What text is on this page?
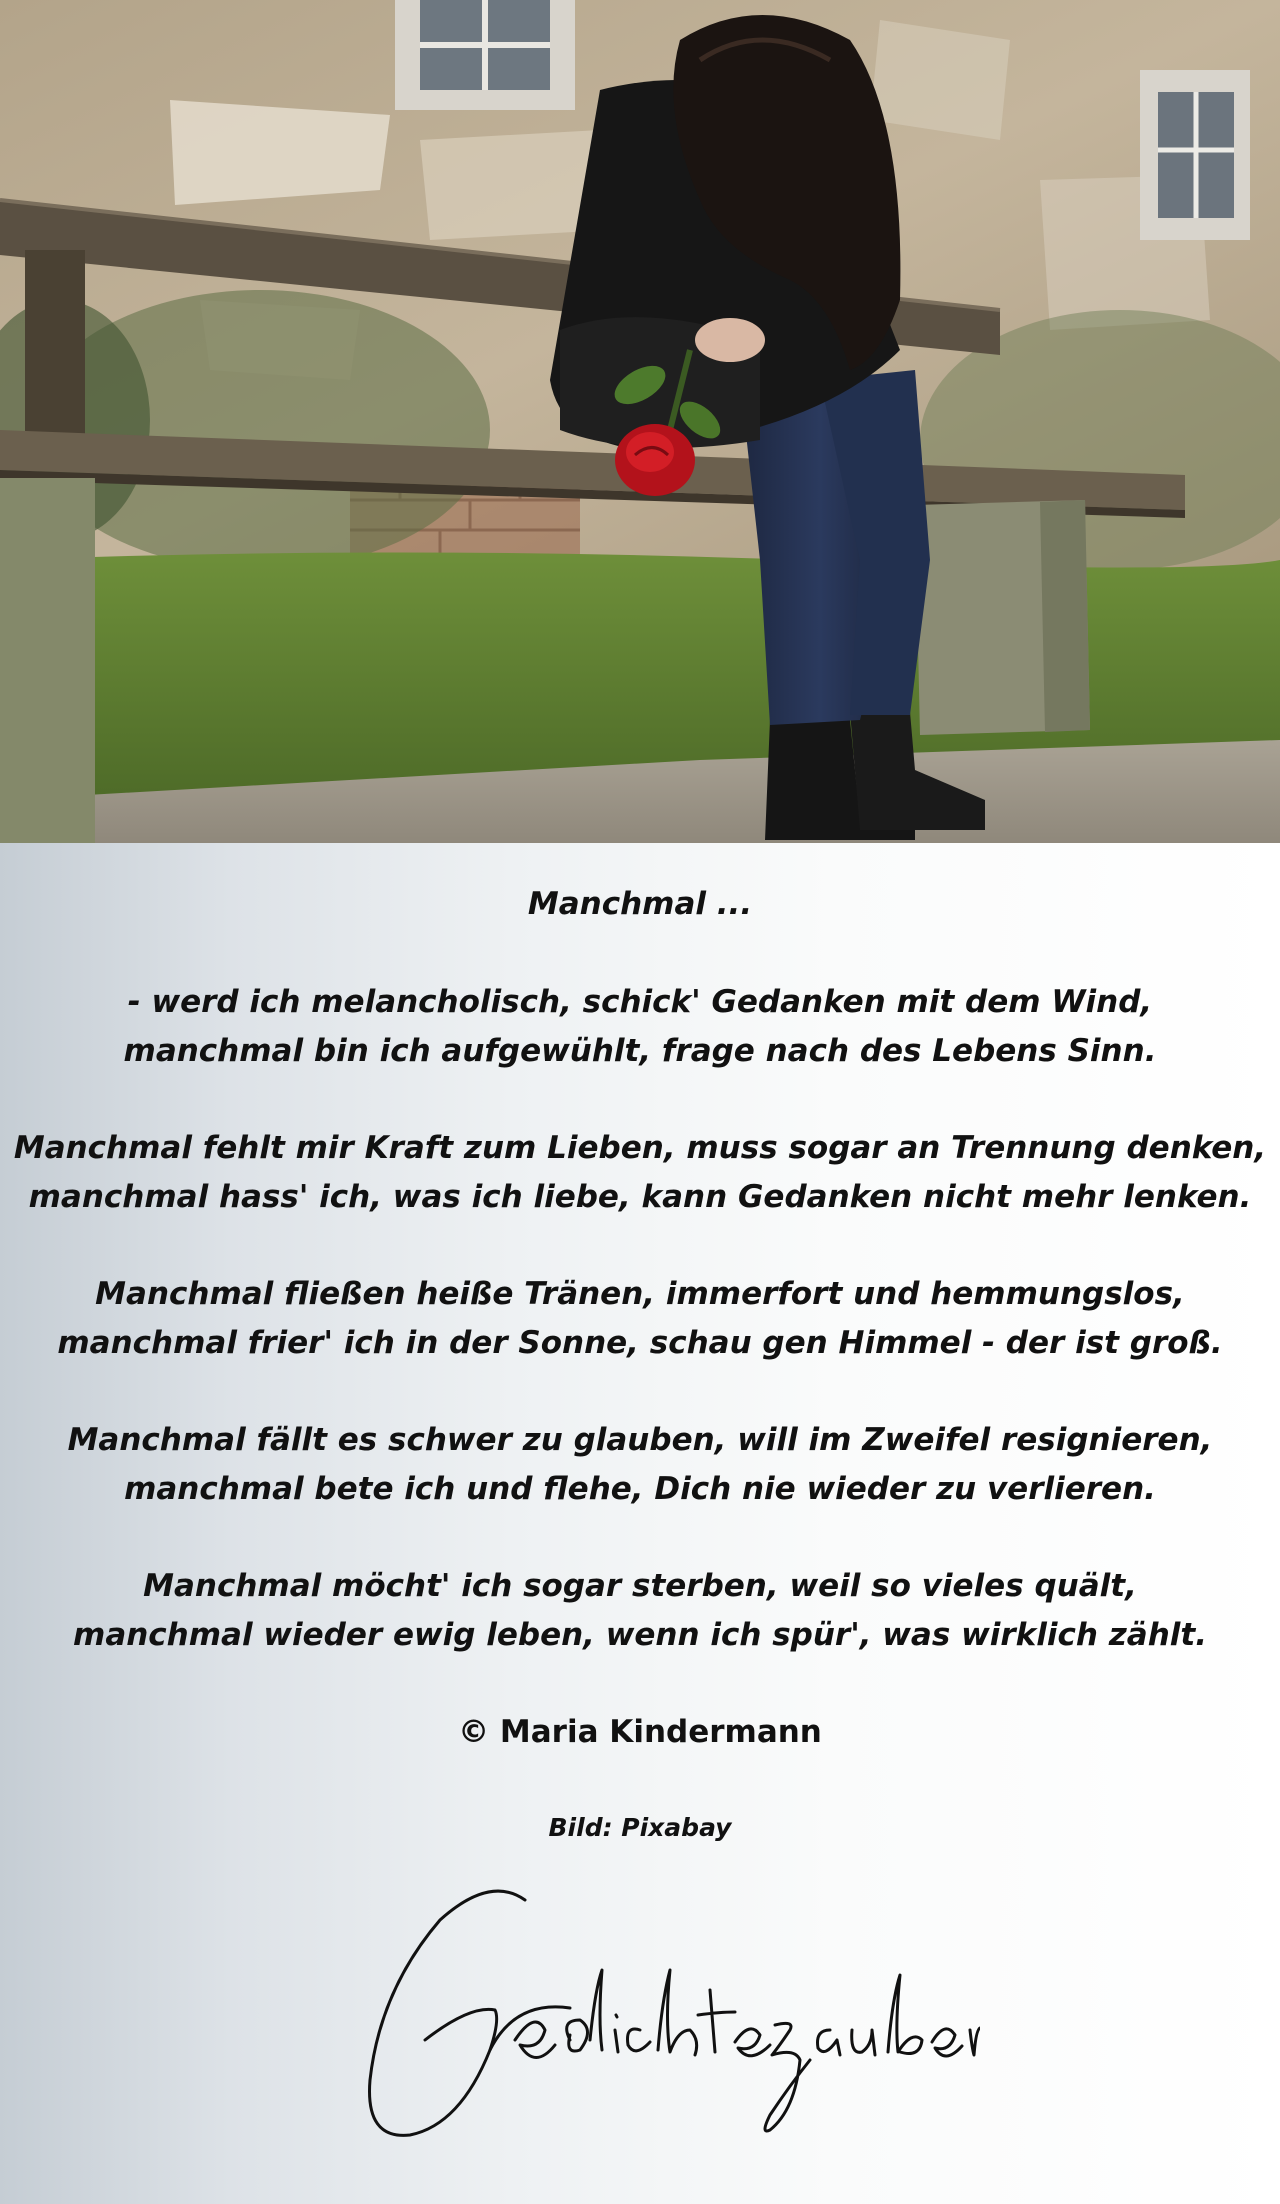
Manchmal ...
- werd ich melancholisch, schick' Gedanken mit dem Wind,
manchmal bin ich aufgewühlt, frage nach des Lebens Sinn.
Manchmal fehlt mir Kraft zum Lieben, muss sogar an Trennung denken,
manchmal hass' ich, was ich liebe, kann Gedanken nicht mehr lenken.
Manchmal fließen heiße Tränen, immerfort und hemmungslos,
manchmal frier' ich in der Sonne, schau gen Himmel - der ist groß.
Manchmal fällt es schwer zu glauben, will im Zweifel resignieren,
manchmal bete ich und flehe, Dich nie wieder zu verlieren.
Manchmal möcht' ich sogar sterben, weil so vieles quält,
manchmal wieder ewig leben, wenn ich spür', was wirklich zählt.
© Maria Kindermann
Bild: Pixabay
